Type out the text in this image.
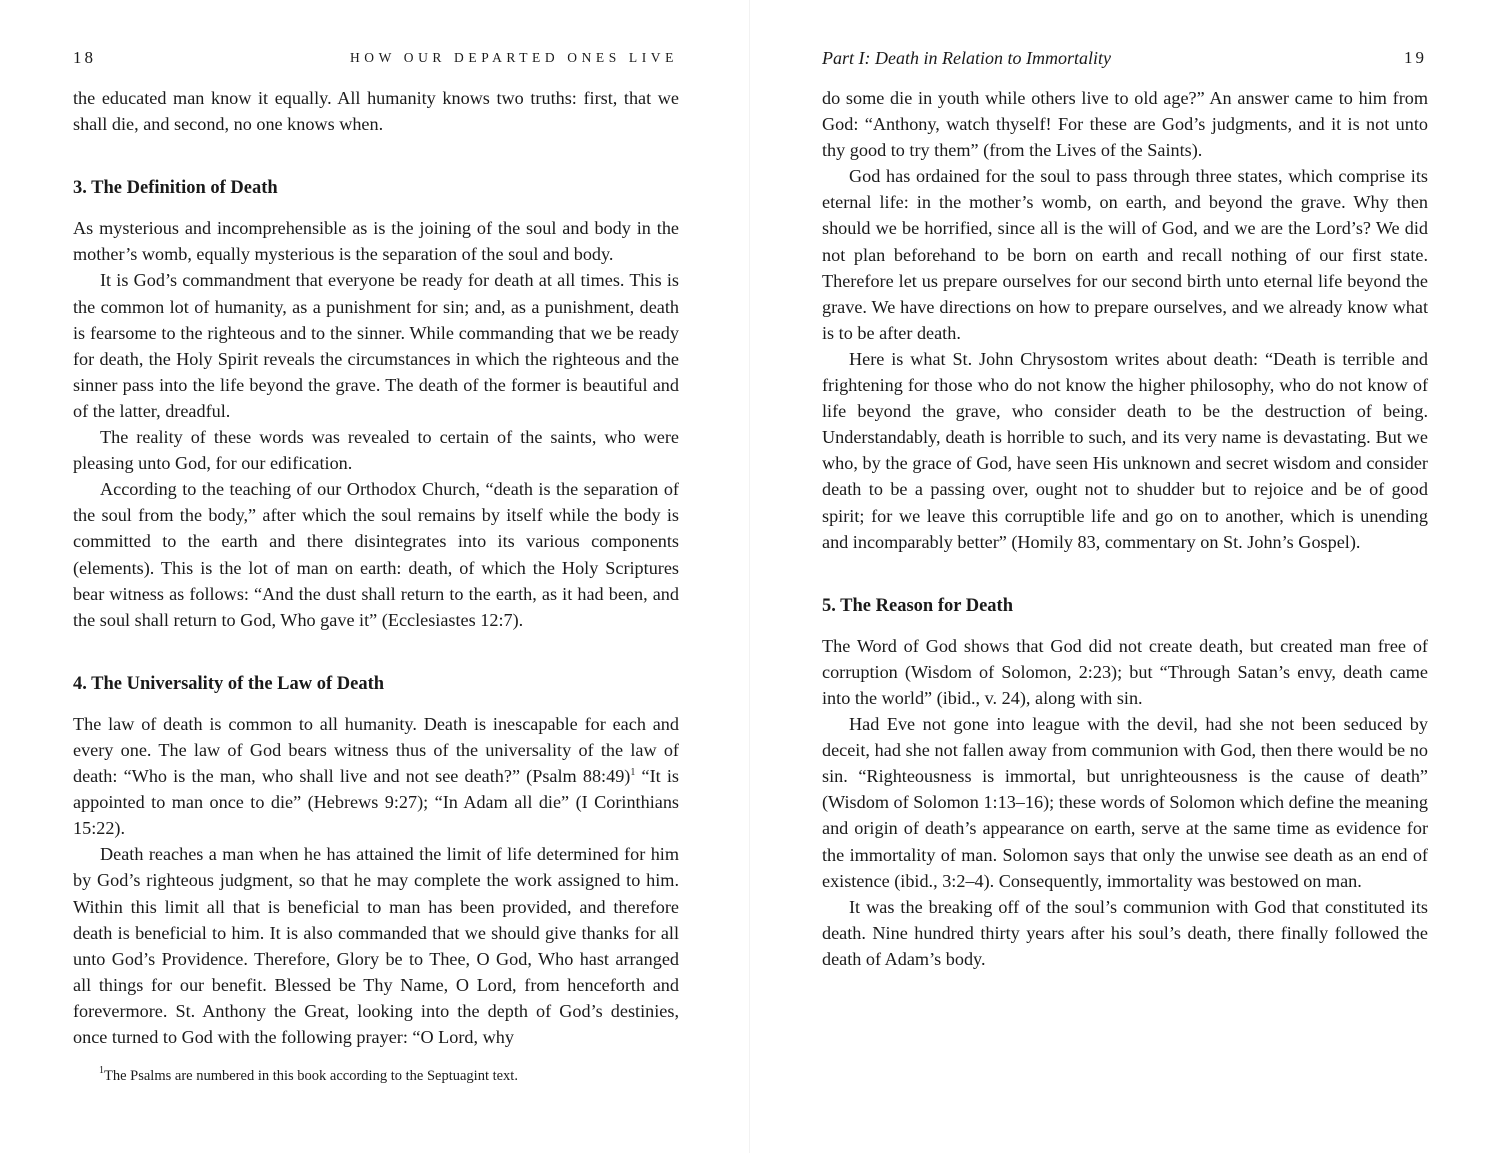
18	HOW OUR DEPARTED ONES LIVE

the educated man know it equally. All humanity knows two truths: first, that we shall die, and second, no one knows when.

3. The Definition of Death

As mysterious and incomprehensible as is the joining of the soul and body in the mother’s womb, equally mysterious is the separation of the soul and body.

It is God’s commandment that everyone be ready for death at all times. This is the common lot of humanity, as a punishment for sin; and, as a punishment, death is fearsome to the righteous and to the sinner. While commanding that we be ready for death, the Holy Spirit reveals the circumstances in which the righteous and the sinner pass into the life beyond the grave. The death of the former is beautiful and of the latter, dreadful.

The reality of these words was revealed to certain of the saints, who were pleasing unto God, for our edification.

According to the teaching of our Orthodox Church, “death is the separation of the soul from the body,” after which the soul remains by itself while the body is committed to the earth and there disintegrates into its various components (elements). This is the lot of man on earth: death, of which the Holy Scriptures bear witness as follows: “And the dust shall return to the earth, as it had been, and the soul shall return to God, Who gave it” (Ecclesiastes 12:7).

4. The Universality of the Law of Death

The law of death is common to all humanity. Death is inescapable for each and every one. The law of God bears witness thus of the universality of the law of death: “Who is the man, who shall live and not see death?” (Psalm 88:49)$^1$ “It is appointed to man once to die” (Hebrews 9:27); “In Adam all die” (I Corinthians 15:22).

Death reaches a man when he has attained the limit of life determined for him by God’s righteous judgment, so that he may complete the work assigned to him. Within this limit all that is beneficial to man has been provided, and therefore death is beneficial to him. It is also commanded that we should give thanks for all unto God’s Providence. Therefore, Glory be to Thee, O God, Who hast arranged all things for our benefit. Blessed be Thy Name, O Lord, from henceforth and forevermore. St. Anthony the Great, looking into the depth of God’s destinies, once turned to God with the following prayer: “O Lord, why

$^1$The Psalms are numbered in this book according to the Septuagint text.
Part I: Death in Relation to Immortality	19

do some die in youth while others live to old age?” An answer came to him from God: “Anthony, watch thyself! For these are God’s judgments, and it is not unto thy good to try them” (from the Lives of the Saints).

God has ordained for the soul to pass through three states, which comprise its eternal life: in the mother’s womb, on earth, and beyond the grave. Why then should we be horrified, since all is the will of God, and we are the Lord’s? We did not plan beforehand to be born on earth and recall nothing of our first state. Therefore let us prepare ourselves for our second birth unto eternal life beyond the grave. We have directions on how to prepare ourselves, and we already know what is to be after death.

Here is what St. John Chrysostom writes about death: “Death is terrible and frightening for those who do not know the higher philosophy, who do not know of life beyond the grave, who consider death to be the destruction of being. Understandably, death is horrible to such, and its very name is devastating. But we who, by the grace of God, have seen His unknown and secret wisdom and consider death to be a passing over, ought not to shudder but to rejoice and be of good spirit; for we leave this corruptible life and go on to another, which is unending and incomparably better” (Homily 83, commentary on St. John’s Gospel).

5. The Reason for Death

The Word of God shows that God did not create death, but created man free of corruption (Wisdom of Solomon, 2:23); but “Through Satan’s envy, death came into the world” (ibid., v. 24), along with sin.

Had Eve not gone into league with the devil, had she not been seduced by deceit, had she not fallen away from communion with God, then there would be no sin. “Righteousness is immortal, but unrighteousness is the cause of death” (Wisdom of Solomon 1:13–16); these words of Solomon which define the meaning and origin of death’s appearance on earth, serve at the same time as evidence for the immortality of man. Solomon says that only the unwise see death as an end of existence (ibid., 3:2–4). Consequently, immortality was bestowed on man.

It was the breaking off of the soul’s communion with God that constituted its death. Nine hundred thirty years after his soul’s death, there finally followed the death of Adam’s body.
